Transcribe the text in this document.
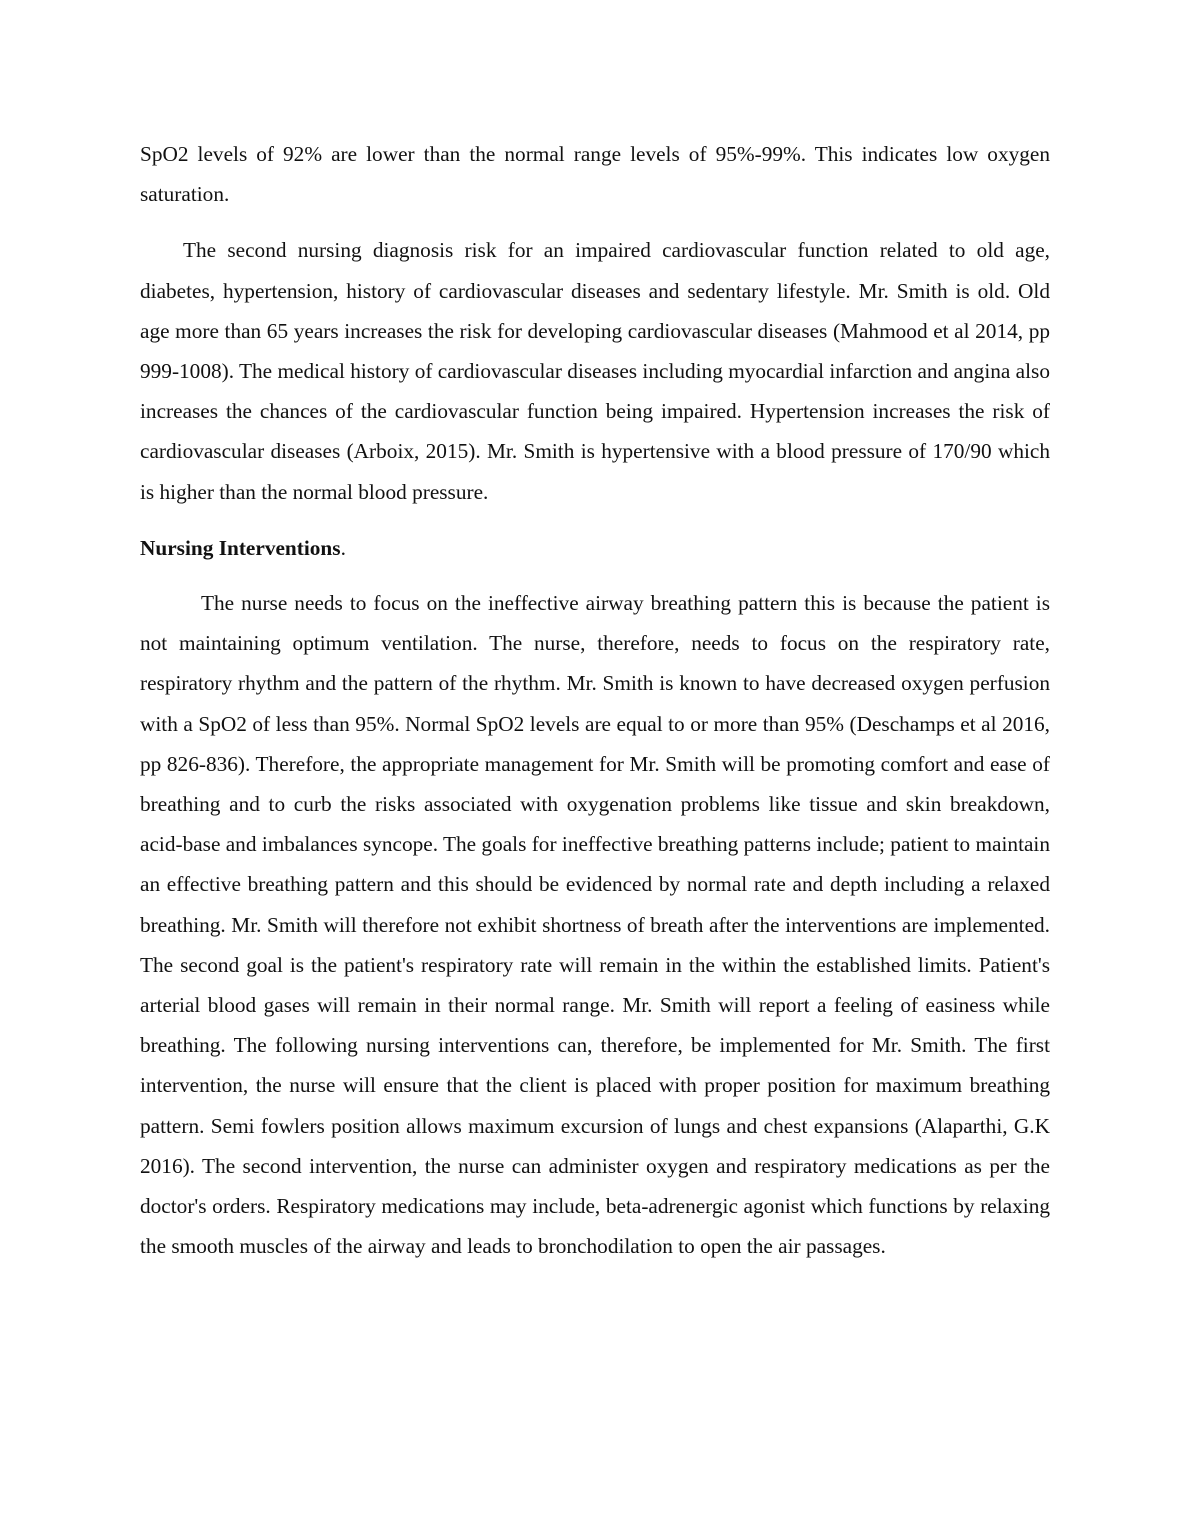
SpO2 levels of 92% are lower than the normal range levels of 95%-99%. This indicates low oxygen saturation.

The second nursing diagnosis risk for an impaired cardiovascular function related to old age, diabetes, hypertension, history of cardiovascular diseases and sedentary lifestyle. Mr. Smith is old. Old age more than 65 years increases the risk for developing cardiovascular diseases (Mahmood et al 2014, pp 999-1008). The medical history of cardiovascular diseases including myocardial infarction and angina also increases the chances of the cardiovascular function being impaired. Hypertension increases the risk of cardiovascular diseases (Arboix, 2015). Mr. Smith is hypertensive with a blood pressure of 170/90 which is higher than the normal blood pressure.

Nursing Interventions.

The nurse needs to focus on the ineffective airway breathing pattern this is because the patient is not maintaining optimum ventilation. The nurse, therefore, needs to focus on the respiratory rate, respiratory rhythm and the pattern of the rhythm. Mr. Smith is known to have decreased oxygen perfusion with a SpO2 of less than 95%. Normal SpO2 levels are equal to or more than 95% (Deschamps et al 2016, pp 826-836). Therefore, the appropriate management for Mr. Smith will be promoting comfort and ease of breathing and to curb the risks associated with oxygenation problems like tissue and skin breakdown, acid-base and imbalances syncope. The goals for ineffective breathing patterns include; patient to maintain an effective breathing pattern and this should be evidenced by normal rate and depth including a relaxed breathing. Mr. Smith will therefore not exhibit shortness of breath after the interventions are implemented. The second goal is the patient's respiratory rate will remain in the within the established limits. Patient's arterial blood gases will remain in their normal range. Mr. Smith will report a feeling of easiness while breathing. The following nursing interventions can, therefore, be implemented for Mr. Smith. The first intervention, the nurse will ensure that the client is placed with proper position for maximum breathing pattern. Semi fowlers position allows maximum excursion of lungs and chest expansions (Alaparthi, G.K 2016). The second intervention, the nurse can administer oxygen and respiratory medications as per the doctor's orders. Respiratory medications may include, beta-adrenergic agonist which functions by relaxing the smooth muscles of the airway and leads to bronchodilation to open the air passages.
